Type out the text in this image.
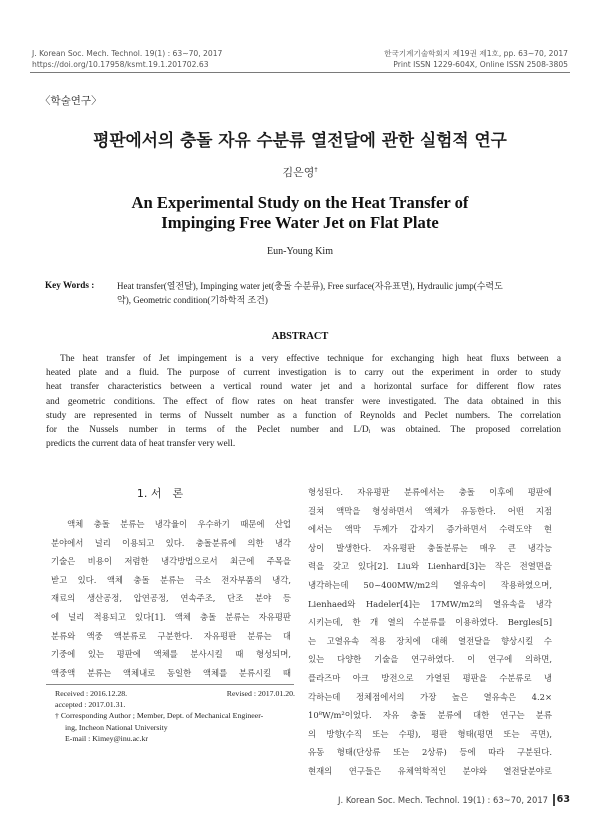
J. Korean Soc. Mech. Technol. 19(1) : 63~70, 2017
https://doi.org/10.17958/ksmt.19.1.201702.63
한국기계기술학회지 제19권 제1호, pp. 63~70, 2017
Print ISSN 1229-604X, Online ISSN 2508-3805
〈학술연구〉
평판에서의 충돌 자유 수분류 열전달에 관한 실험적 연구
김은영†
An Experimental Study on the Heat Transfer of
Impinging Free Water Jet on Flat Plate
Eun-Young Kim
Key Words :	Heat transfer(열전달), Impinging water jet(충돌 수분류), Free surface(자유표면), Hydraulic jump(수력도
약), Geometric condition(기하학적 조건)
ABSTRACT
The heat transfer of Jet impingement is a very effective technique for exchanging high heat fluxs between a
heated plate and a fluid. The purpose of current investigation is to carry out the experiment in order to study
heat transfer characteristics between a vertical round water jet and a horizontal surface for different flow rates
and geometric conditions. The effect of flow rates on heat transfer were investigated. The data obtained in this
study are represented in terms of Nusselt number as a function of Reynolds and Peclet numbers. The correlation
for the Nussels number in terms of the Peclet number and L/Dᵢ was obtained. The proposed correlation
predicts the current data of heat transfer very well.
1. 서　론
　액체 충돌 분류는 냉각율이 우수하기 때문에 산업
분야에서 널리 이용되고 있다. 충돌분류에 의한 냉각
기술은 비용이 저렴한 냉각방법으로서 최근에 주목을
받고 있다. 액체 충돌 분류는 극소 전자부품의 냉각,
재료의 생산공정, 압연공정, 연속주조, 단조 분야 등
에 널리 적용되고 있다[1]. 액체 충돌 분류는 자유평판
분류와 액중 액분류로 구분한다. 자유평판 분류는 대
기중에 있는 평판에 액체를 분사시킬 때 형성되며,
액중액 분류는 액체내로 동일한 액체를 분류시킬 때
Received : 2016.12.28.	Revised : 2017.01.20.
accepted : 2017.01.31.
† Corresponding Author ; Member, Dept. of Mechanical Engineer-
ing, Incheon National University
E-mail : Kimey@inu.ac.kr
형성된다. 자유평판 분류에서는 충돌 이후에 평판에
걸쳐 액막을 형성하면서 액체가 유동한다. 어떤 지점
에서는 액막 두께가 갑자기 증가하면서 수력도약 현
상이 발생한다. 자유평판 충돌분류는 매우 큰 냉각능
력을 갖고 있다[2]. Liu와 Lienhard[3]는 작은 전열면을
냉각하는데 50~400MW/m2의 열유속이 작용하였으며,
Lienhaed와 Hadeler[4]는 17MW/m2의 열유속을 냉각
시키는데, 한 개 열의 수분류를 이용하였다. Bergles[5]
는 고열유속 적용 장치에 대해 열전달을 향상시킬 수
있는 다양한 기술을 연구하였다. 이 연구에 의하면,
플라즈마 아크 방전으로 가열된 평판을 수분류로 냉
각하는데 정체점에서의 가장 높은 열유속은 4.2×
10⁸W/m²이었다. 자유 충돌 분류에 대한 연구는 분류
의 방향(수직 또는 수평), 평판 형태(평면 또는 곡면),
유동 형태(단상류 또는 2상류) 등에 따라 구분된다.
현재의 연구들은 유체역학적인 분야와 열전달분야로
J. Korean Soc. Mech. Technol. 19(1) : 63~70, 2017 63
